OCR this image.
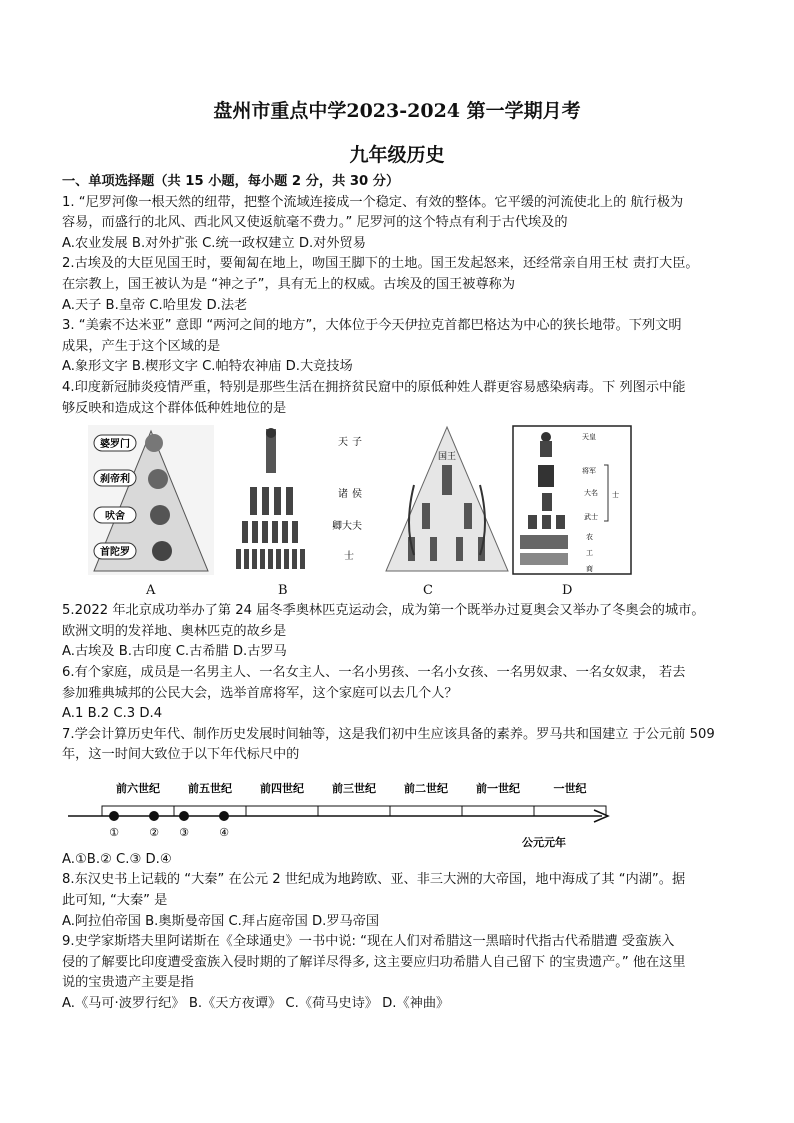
盘州市重点中学2023-2024 第一学期月考
九年级历史

一、单项选择题（共 15 小题，每小题 2 分，共 30 分）

1. “尼罗河像一根天然的纽带，把整个流域连接成一个稳定、有效的整体。它平缓的河流使北上的 航行极为

容易，而盛行的北风、西北风又使返航毫不费力。” 尼罗河的这个特点有利于古代埃及的

A.农业发展 B.对外扩张 C.统一政权建立 D.对外贸易

2.古埃及的大臣见国王时，要匍匐在地上，吻国王脚下的土地。国王发起怒来，还经常亲自用王杖 责打大臣。

在宗教上，国王被认为是 “神之子”，具有无上的权威。古埃及的国王被尊称为

A.天子 B.皇帝 C.哈里发 D.法老

3. “美索不达米亚” 意即 “两河之间的地方”，大体位于今天伊拉克首都巴格达为中心的狭长地带。下列文明

成果，产生于这个区域的是

A.象形文字 B.楔形文字 C.帕特农神庙 D.大竞技场

4.印度新冠肺炎疫情严重，特别是那些生活在拥挤贫民窟中的原低种姓人群更容易感染病毒。下 列图示中能

够反映和造成这个群体低种姓地位的是

婆罗门
刹帝利
吠舍
首陀罗
A
天 子
诸 侯
卿大夫
士
B
国王
C
天皇
将军
大名
武士
农
工
商
士
D

5.2022 年北京成功举办了第 24 届冬季奥林匹克运动会，成为第一个既举办过夏奥会又举办了冬奥会的城市。

欧洲文明的发祥地、奥林匹克的故乡是

A.古埃及 B.古印度 C.古希腊 D.古罗马

6.有个家庭，成员是一名男主人、一名女主人、一名小男孩、一名小女孩、一名男奴隶、一名女奴隶， 若去

参加雅典城邦的公民大会，选举首席将军，这个家庭可以去几个人？

A.1 B.2 C.3 D.4

7.学会计算历史年代、制作历史发展时间轴等，这是我们初中生应该具备的素养。罗马共和国建立 于公元前 509

年，这一时间大致位于以下年代标尺中的

前六世纪	前五世纪	前四世纪	前三世纪	前二世纪	前一世纪	一世纪
①	② ③	④
公元元年

A.①B.② C.③ D.④

8.东汉史书上记载的 “大秦” 在公元 2 世纪成为地跨欧、亚、非三大洲的大帝国，地中海成了其 “内湖”。据

此可知, “大秦” 是

A.阿拉伯帝国 B.奥斯曼帝国 C.拜占庭帝国 D.罗马帝国

9.史学家斯塔夫里阿诺斯在《全球通史》一书中说: “现在人们对希腊这一黑暗时代指古代希腊遭 受蛮族入

侵的了解要比印度遭受蛮族入侵时期的了解详尽得多, 这主要应归功希腊人自己留下 的宝贵遗产。” 他在这里

说的宝贵遗产主要是指

A.《马可·波罗行纪》 B.《天方夜谭》 C.《荷马史诗》 D.《神曲》
